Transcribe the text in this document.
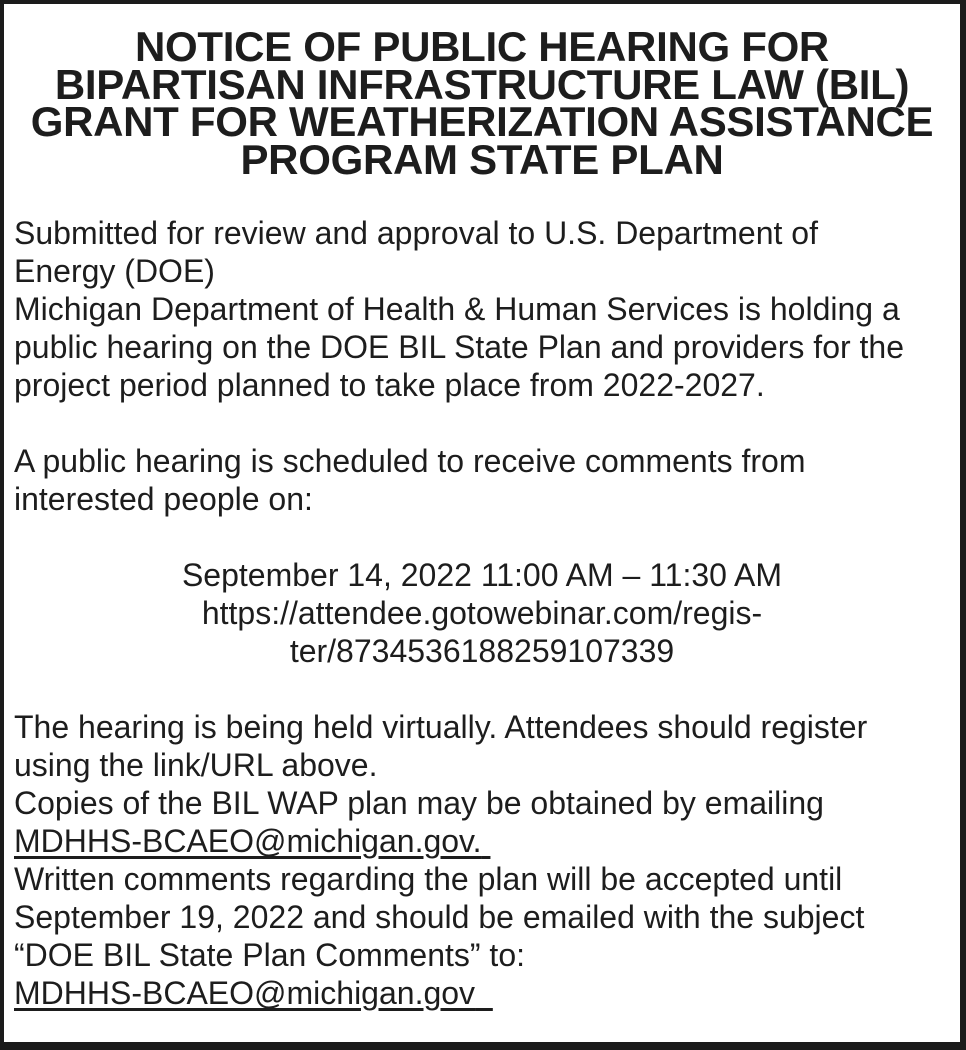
NOTICE OF PUBLIC HEARING FOR
BIPARTISAN INFRASTRUCTURE LAW (BIL)
GRANT FOR WEATHERIZATION ASSISTANCE
PROGRAM STATE PLAN
Submitted for review and approval to U.S. Department of
Energy (DOE)
Michigan Department of Health & Human Services is holding a
public hearing on the DOE BIL State Plan and providers for the
project period planned to take place from 2022-2027.
A public hearing is scheduled to receive comments from
interested people on:
September 14, 2022 11:00 AM – 11:30 AM
https://attendee.gotowebinar.com/regis-
ter/8734536188259107339
The hearing is being held virtually. Attendees should register
using the link/URL above.
Copies of the BIL WAP plan may be obtained by emailing
MDHHS-BCAEO@michigan.gov.
Written comments regarding the plan will be accepted until
September 19, 2022 and should be emailed with the subject
“DOE BIL State Plan Comments” to:
MDHHS-BCAEO@michigan.gov
